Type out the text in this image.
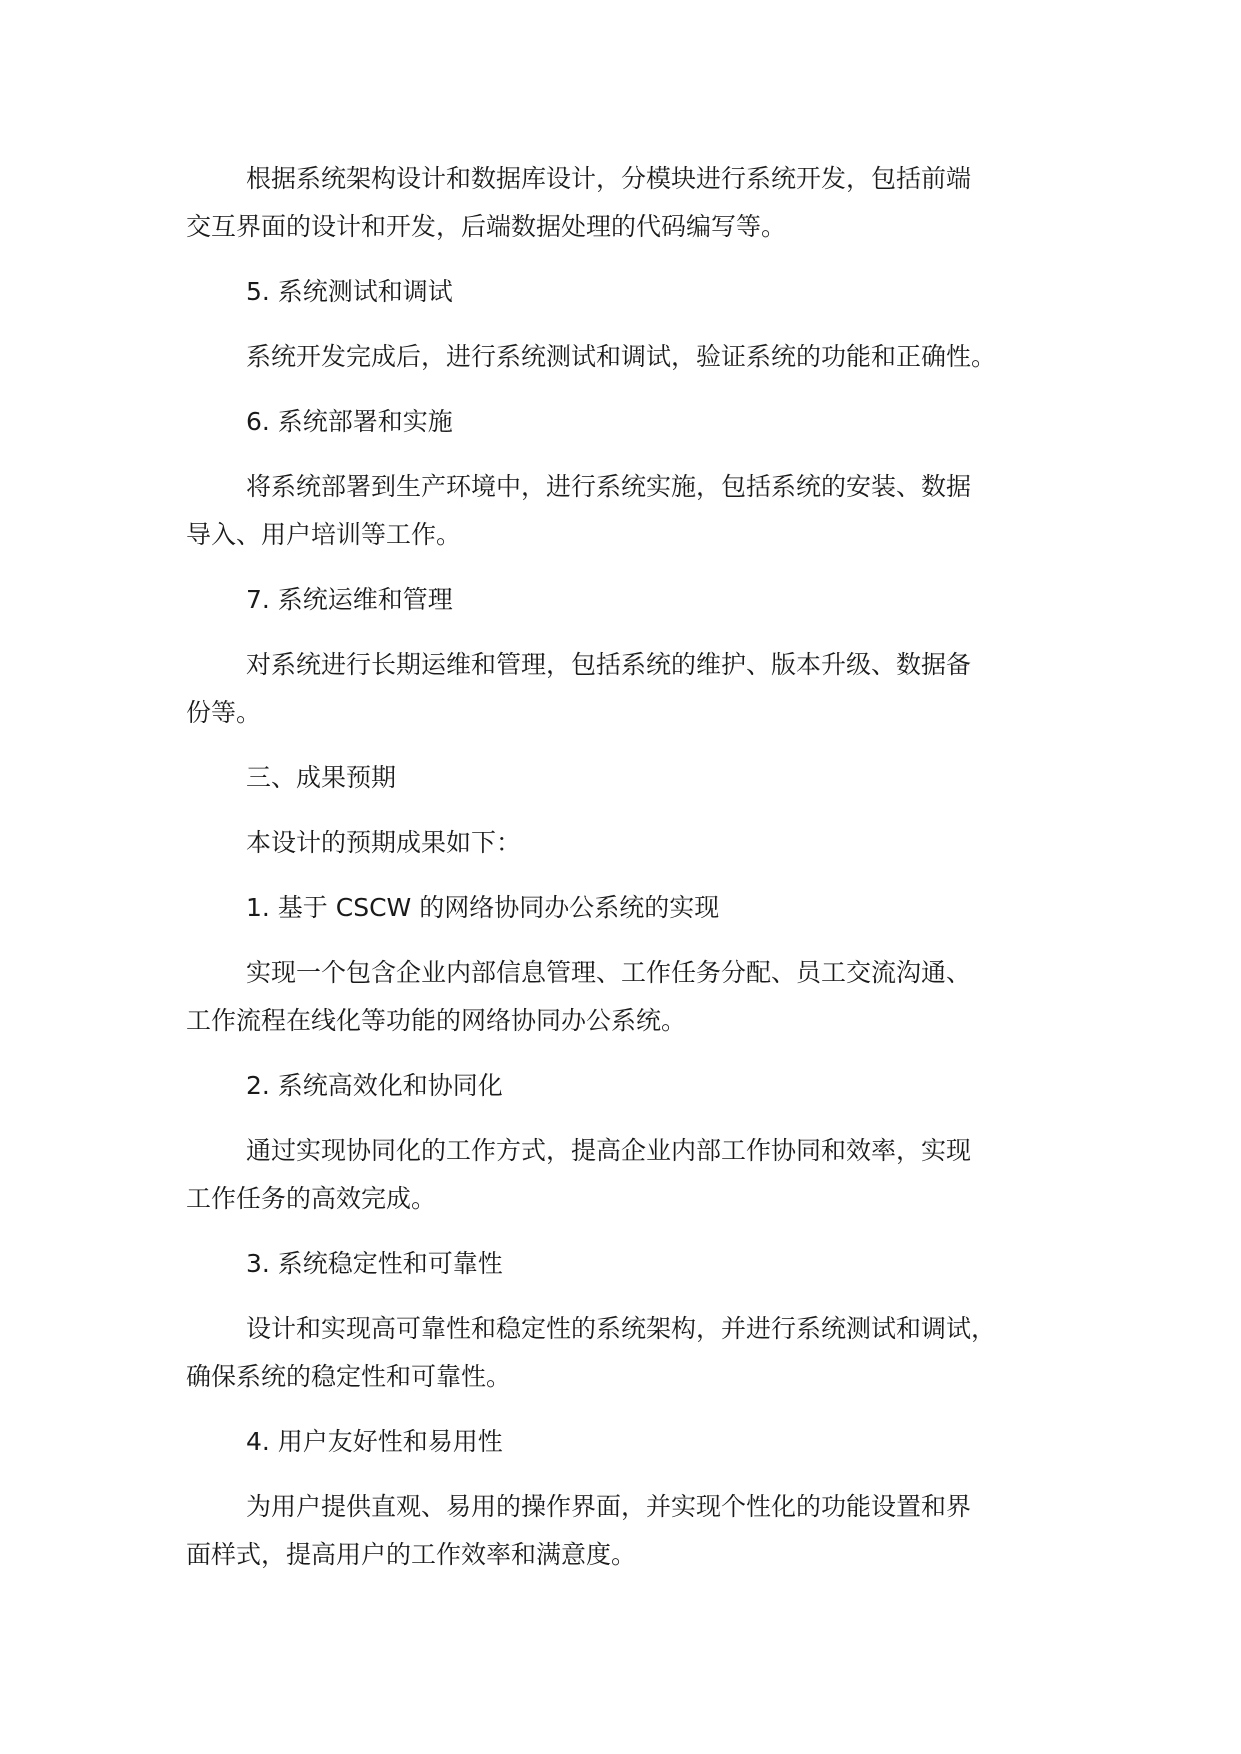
根据系统架构设计和数据库设计，分模块进行系统开发，包括前端
交互界面的设计和开发，后端数据处理的代码编写等。

5. 系统测试和调试

系统开发完成后，进行系统测试和调试，验证系统的功能和正确性。

6. 系统部署和实施

将系统部署到生产环境中，进行系统实施，包括系统的安装、数据
导入、用户培训等工作。

7. 系统运维和管理

对系统进行长期运维和管理，包括系统的维护、版本升级、数据备
份等。

三、成果预期

本设计的预期成果如下：

1. 基于 CSCW 的网络协同办公系统的实现

实现一个包含企业内部信息管理、工作任务分配、员工交流沟通、
工作流程在线化等功能的网络协同办公系统。

2. 系统高效化和协同化

通过实现协同化的工作方式，提高企业内部工作协同和效率，实现
工作任务的高效完成。

3. 系统稳定性和可靠性

设计和实现高可靠性和稳定性的系统架构，并进行系统测试和调试，
确保系统的稳定性和可靠性。

4. 用户友好性和易用性

为用户提供直观、易用的操作界面，并实现个性化的功能设置和界
面样式，提高用户的工作效率和满意度。
